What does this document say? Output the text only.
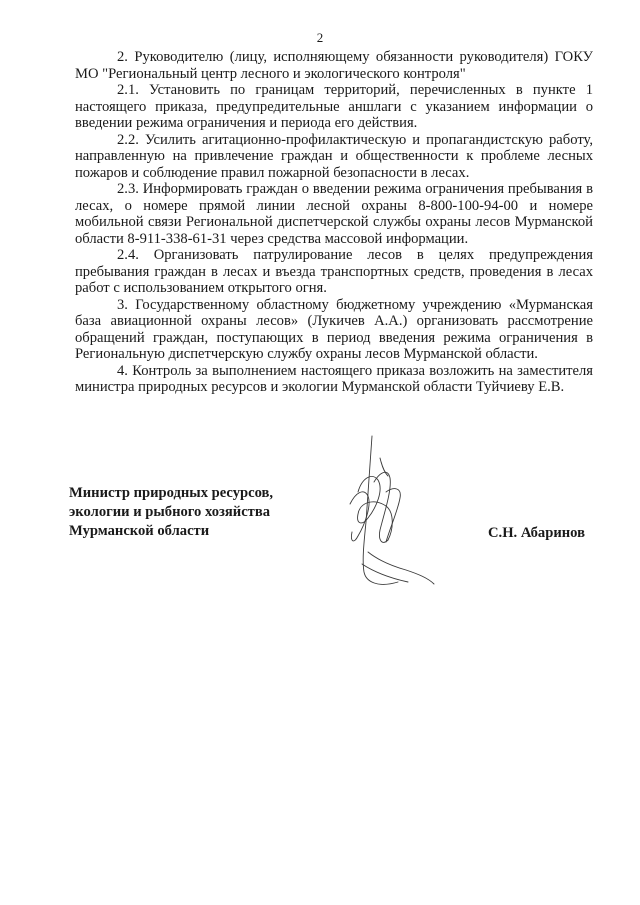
2

2. Руководителю (лицу, исполняющему обязанности руководителя) ГОКУ МО "Региональный центр лесного и экологического контроля"

2.1. Установить по границам территорий, перечисленных в пункте 1 настоящего приказа, предупредительные аншлаги с указанием информации о введении режима ограничения и периода его действия.

2.2. Усилить агитационно-профилактическую и пропагандистскую работу, направленную на привлечение граждан и общественности к проблеме лесных пожаров и соблюдение правил пожарной безопасности в лесах.

2.3. Информировать граждан о введении режима ограничения пребывания в лесах, о номере прямой линии лесной охраны 8-800-100-94-00 и номере мобильной связи Региональной диспетчерской службы охраны лесов Мурманской области 8-911-338-61-31 через средства массовой информации.

2.4. Организовать патрулирование лесов в целях предупреждения пребывания граждан в лесах и въезда транспортных средств, проведения в лесах работ с использованием открытого огня.

3. Государственному областному бюджетному учреждению «Мурманская база авиационной охраны лесов» (Лукичев А.А.) организовать рассмотрение обращений граждан, поступающих в период введения режима ограничения в Региональную диспетчерскую службу охраны лесов Мурманской области.

4. Контроль за выполнением настоящего приказа возложить на заместителя министра природных ресурсов и экологии Мурманской области Туйчиеву Е.В.

Министр природных ресурсов,
экологии и рыбного хозяйства
Мурманской области	С.Н. Абаринов
